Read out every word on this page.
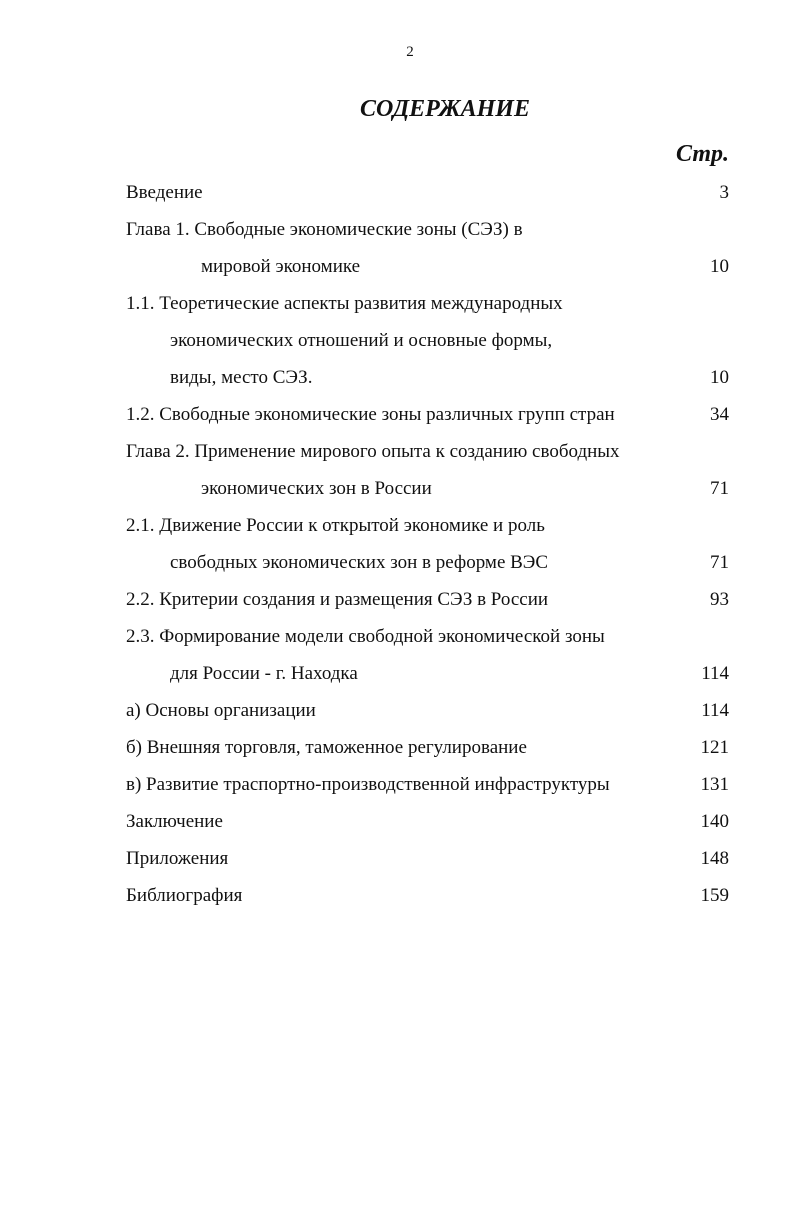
2
СОДЕРЖАНИЕ
Стр.
Введение	3
Глава 1. Свободные экономические зоны (СЭЗ) в
мировой экономике	10
1.1. Теоретические аспекты развития международных
экономических отношений и основные формы,
виды, место СЭЗ.	10
1.2. Свободные экономические зоны различных групп стран	34
Глава 2. Применение мирового опыта к созданию свободных
экономических зон в России	71
2.1. Движение России к открытой экономике и роль
свободных экономических зон в реформе ВЭС	71
2.2. Критерии создания и размещения СЭЗ в России	93
2.3. Формирование модели свободной экономической зоны
для России - г. Находка	114
а) Основы организации	114
б) Внешняя торговля, таможенное регулирование	121
в) Развитие траспортно-производственной инфраструктуры	131
Заключение	140
Приложения	148
Библиография	159
